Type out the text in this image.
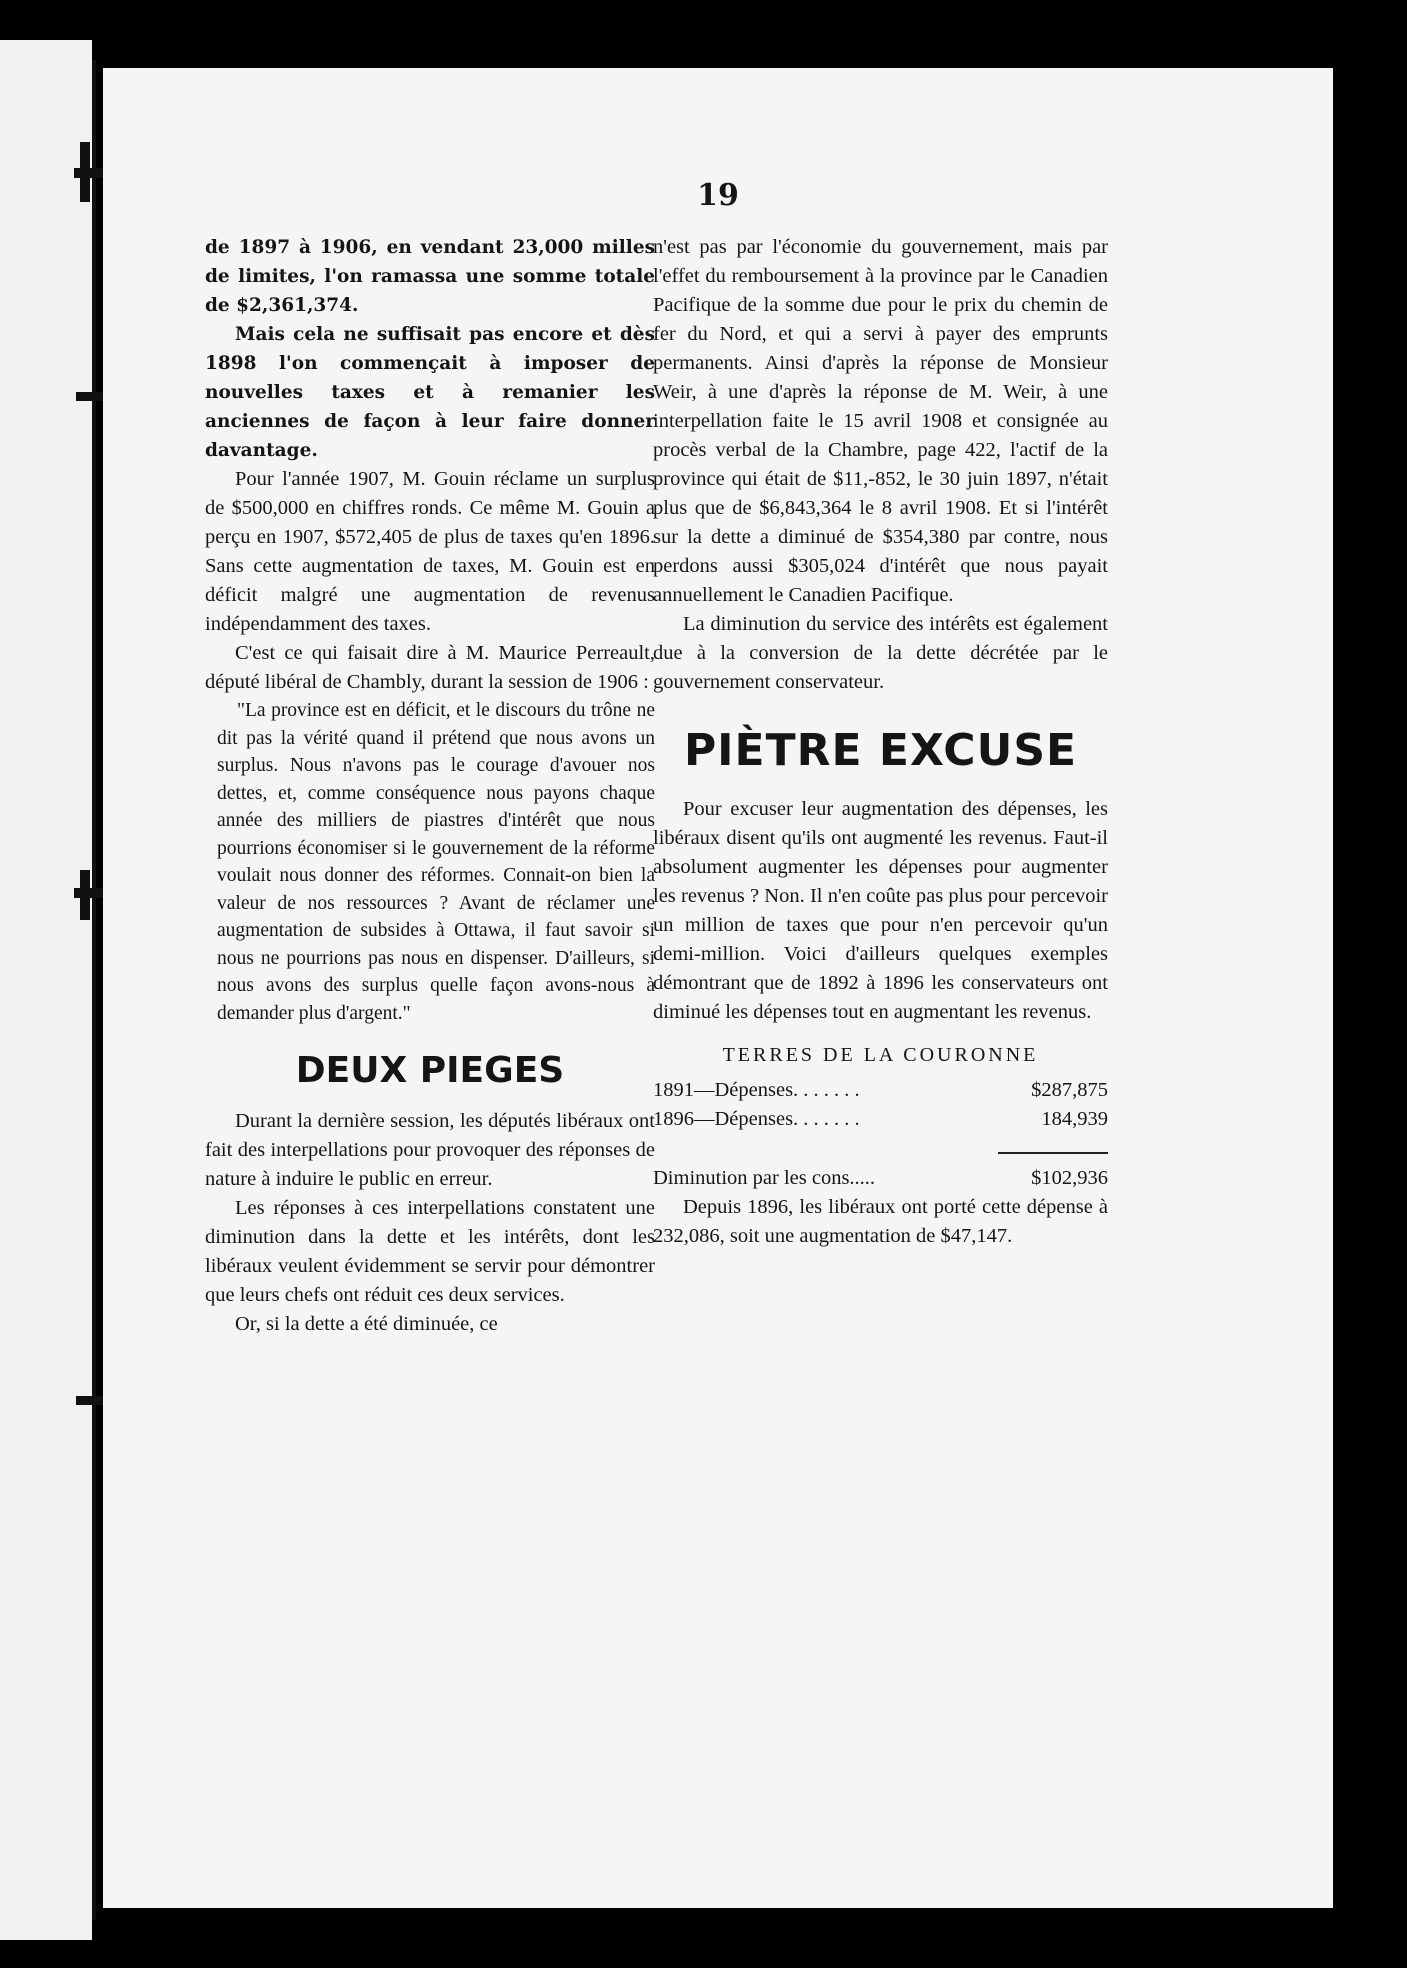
19

de 1897 à 1906, en vendant 23,000 milles de limites, l'on ramassa une somme totale de $2,361,374.

Mais cela ne suffisait pas encore et dès 1898 l'on commençait à imposer de nouvelles taxes et à remanier les anciennes de façon à leur faire donner davantage.

Pour l'année 1907, M. Gouin réclame un surplus de $500,000 en chiffres ronds. Ce même M. Gouin a perçu en 1907, $572,405 de plus de taxes qu'en 1896. Sans cette augmentation de taxes, M. Gouin est en déficit malgré une augmentation de revenus indépendamment des taxes.

C'est ce qui faisait dire à M. Maurice Perreault, député libéral de Chambly, durant la session de 1906 :

"La province est en déficit, et le discours du trône ne dit pas la vérité quand il prétend que nous avons un surplus. Nous n'avons pas le courage d'avouer nos dettes, et, comme conséquence nous payons chaque année des milliers de piastres d'intérêt que nous pourrions économiser si le gouvernement de la réforme voulait nous donner des réformes. Connait-on bien la valeur de nos ressources ? Avant de réclamer une augmentation de subsides à Ottawa, il faut savoir si nous ne pourrions pas nous en dispenser. D'ailleurs, si nous avons des surplus quelle façon avons-nous à demander plus d'argent."

DEUX PIEGES

Durant la dernière session, les députés libéraux ont fait des interpellations pour provoquer des réponses de nature à induire le public en erreur.

Les réponses à ces interpellations constatent une diminution dans la dette et les intérêts, dont les libéraux veulent évidemment se servir pour démontrer que leurs chefs ont réduit ces deux services.

Or, si la dette a été diminuée, ce

n'est pas par l'économie du gouvernement, mais par l'effet du remboursement à la province par le Canadien Pacifique de la somme due pour le prix du chemin de fer du Nord, et qui a servi à payer des emprunts permanents. Ainsi d'après la réponse de Monsieur Weir, à une d'après la réponse de M. Weir, à une interpellation faite le 15 avril 1908 et consignée au procès verbal de la Chambre, page 422, l'actif de la province qui était de $11,-852, le 30 juin 1897, n'était plus que de $6,843,364 le 8 avril 1908. Et si l'intérêt sur la dette a diminué de $354,380 par contre, nous perdons aussi $305,024 d'intérêt que nous payait annuellement le Canadien Pacifique.

La diminution du service des intérêts est également due à la conversion de la dette décrétée par le gouvernement conservateur.

PIÈTRE EXCUSE

Pour excuser leur augmentation des dépenses, les libéraux disent qu'ils ont augmenté les revenus. Faut-il absolument augmenter les dépenses pour augmenter les revenus ? Non. Il n'en coûte pas plus pour percevoir un million de taxes que pour n'en percevoir qu'un demi-million. Voici d'ailleurs quelques exemples démontrant que de 1892 à 1896 les conservateurs ont diminué les dépenses tout en augmentant les revenus.

TERRES DE LA COURONNE
1891—Dépenses. . . . . . .	$287,875
1896—Dépenses. . . . . . .	184,939
Diminution par les cons.....	$102,936

Depuis 1896, les libéraux ont porté cette dépense à 232,086, soit une augmentation de $47,147.
